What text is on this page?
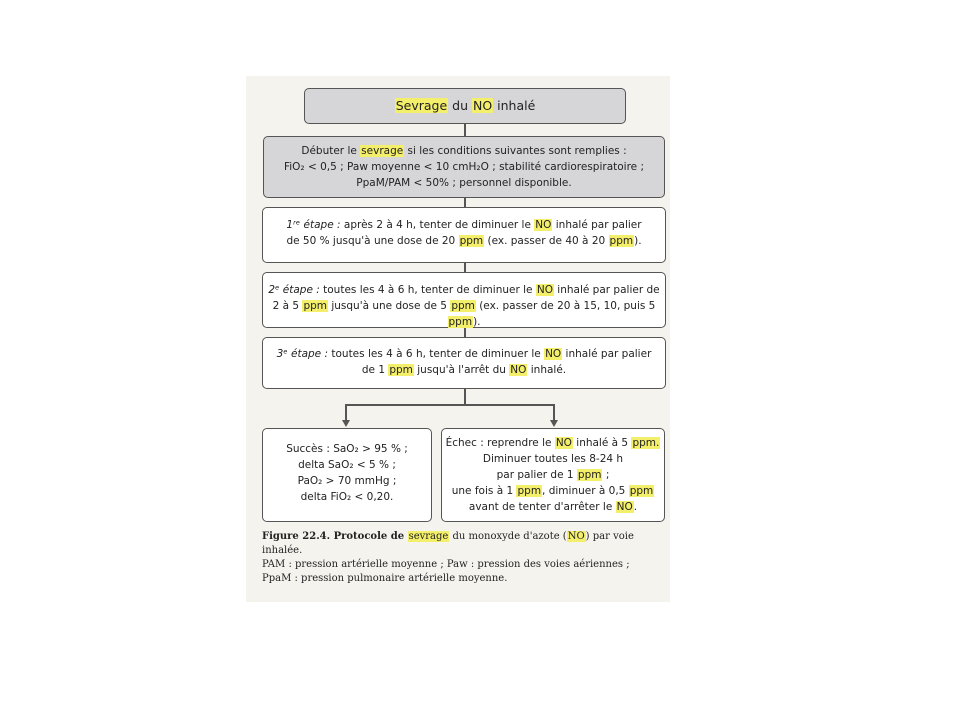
Sevrage du NO inhalé
Débuter le sevrage si les conditions suivantes sont remplies :
FiO₂ < 0,5 ; Paw moyenne < 10 cmH₂O ; stabilité cardiorespiratoire ;
PpaM/PAM < 50% ; personnel disponible.
1ʳᵉ étape : après 2 à 4 h, tenter de diminuer le NO inhalé par palier
de 50 % jusqu'à une dose de 20 ppm (ex. passer de 40 à 20 ppm).
2ᵉ étape : toutes les 4 à 6 h, tenter de diminuer le NO inhalé par palier de
2 à 5 ppm jusqu'à une dose de 5 ppm (ex. passer de 20 à 15, 10, puis 5 ppm).
3ᵉ étape : toutes les 4 à 6 h, tenter de diminuer le NO inhalé par palier
de 1 ppm jusqu'à l'arrêt du NO inhalé.
Succès : SaO₂ > 95 % ;
delta SaO₂ < 5 % ;
PaO₂ > 70 mmHg ;
delta FiO₂ < 0,20.
Échec : reprendre le NO inhalé à 5 ppm.
Diminuer toutes les 8-24 h
par palier de 1 ppm ;
une fois à 1 ppm, diminuer à 0,5 ppm
avant de tenter d'arrêter le NO.
Figure 22.4. Protocole de sevrage du monoxyde d'azote (NO) par voie inhalée.
PAM : pression artérielle moyenne ; Paw : pression des voies aériennes ;
PpaM : pression pulmonaire artérielle moyenne.
